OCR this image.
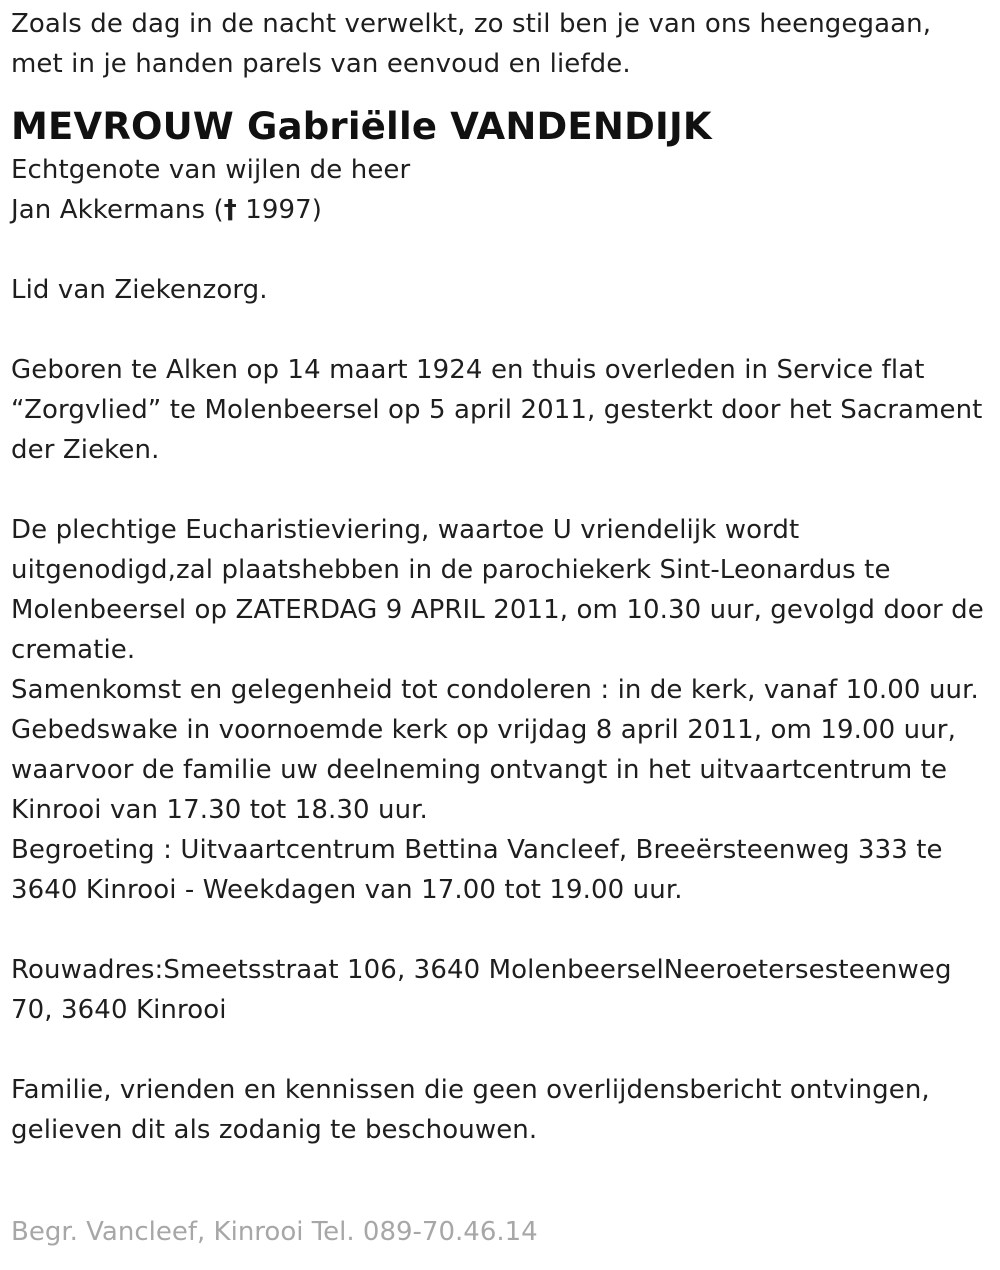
Zoals de dag in de nacht verwelkt, zo stil ben je van ons heengegaan,
met in je handen parels van eenvoud en liefde.
MEVROUW Gabriëlle VANDENDIJK
Echtgenote van wijlen de heer
Jan Akkermans († 1997)
Lid van Ziekenzorg.
Geboren te Alken op 14 maart 1924 en thuis overleden in Service flat
“Zorgvlied” te Molenbeersel op 5 april 2011, gesterkt door het Sacrament
der Zieken.
De plechtige Eucharistieviering, waartoe U vriendelijk wordt
uitgenodigd,zal plaatshebben in de parochiekerk Sint-Leonardus te
Molenbeersel op ZATERDAG 9 APRIL 2011, om 10.30 uur, gevolgd door de
crematie.
Samenkomst en gelegenheid tot condoleren : in de kerk, vanaf 10.00 uur.
Gebedswake in voornoemde kerk op vrijdag 8 april 2011, om 19.00 uur,
waarvoor de familie uw deelneming ontvangt in het uitvaartcentrum te
Kinrooi van 17.30 tot 18.30 uur.
Begroeting : Uitvaartcentrum Bettina Vancleef, Breeërsteenweg 333 te
3640 Kinrooi - Weekdagen van 17.00 tot 19.00 uur.
Rouwadres:Smeetsstraat 106, 3640 MolenbeerselNeeroetersesteenweg
70, 3640 Kinrooi
Familie, vrienden en kennissen die geen overlijdensbericht ontvingen,
gelieven dit als zodanig te beschouwen.
Begr. Vancleef, Kinrooi Tel. 089-70.46.14
